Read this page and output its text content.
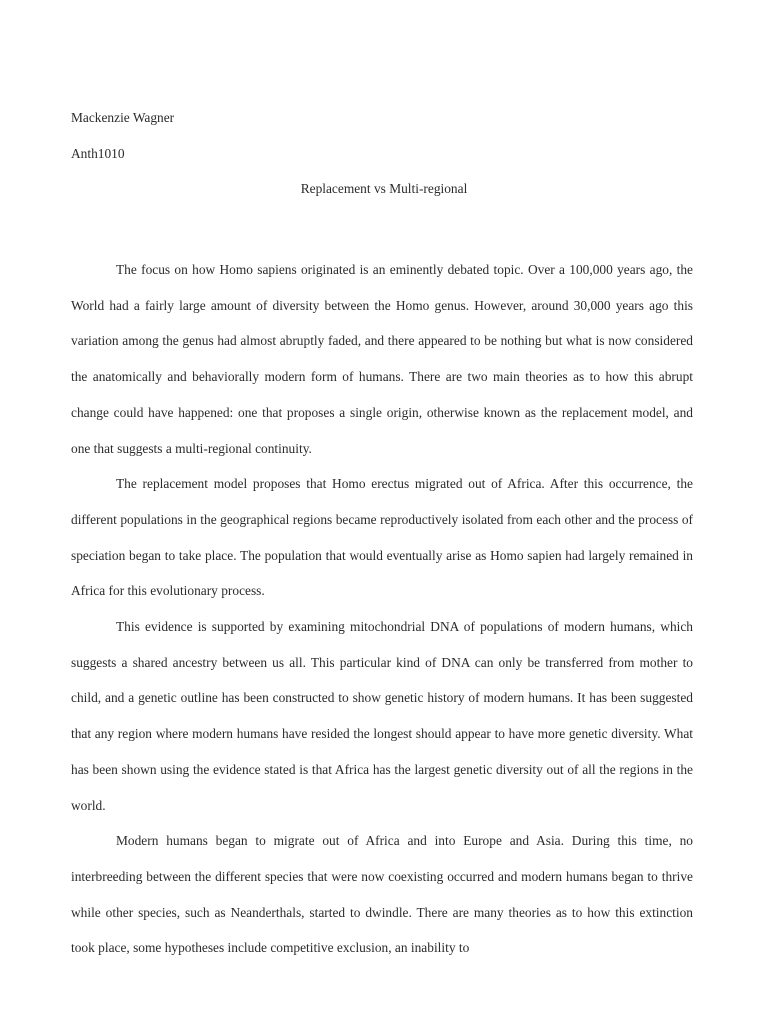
Mackenzie Wagner

Anth1010

Replacement vs Multi-regional

The focus on how Homo sapiens originated is an eminently debated topic. Over a 100,000 years ago, the World had a fairly large amount of diversity between the Homo genus. However, around 30,000 years ago this variation among the genus had almost abruptly faded, and there appeared to be nothing but what is now considered the anatomically and behaviorally modern form of humans. There are two main theories as to how this abrupt change could have happened: one that proposes a single origin, otherwise known as the replacement model, and one that suggests a multi-regional continuity.

The replacement model proposes that Homo erectus migrated out of Africa. After this occurrence, the different populations in the geographical regions became reproductively isolated from each other and the process of speciation began to take place. The population that would eventually arise as Homo sapien had largely remained in Africa for this evolutionary process.

This evidence is supported by examining mitochondrial DNA of populations of modern humans, which suggests a shared ancestry between us all. This particular kind of DNA can only be transferred from mother to child, and a genetic outline has been constructed to show genetic history of modern humans. It has been suggested that any region where modern humans have resided the longest should appear to have more genetic diversity. What has been shown using the evidence stated is that Africa has the largest genetic diversity out of all the regions in the world.

Modern humans began to migrate out of Africa and into Europe and Asia. During this time, no interbreeding between the different species that were now coexisting occurred and modern humans began to thrive while other species, such as Neanderthals, started to dwindle. There are many theories as to how this extinction took place, some hypotheses include competitive exclusion, an inability to
